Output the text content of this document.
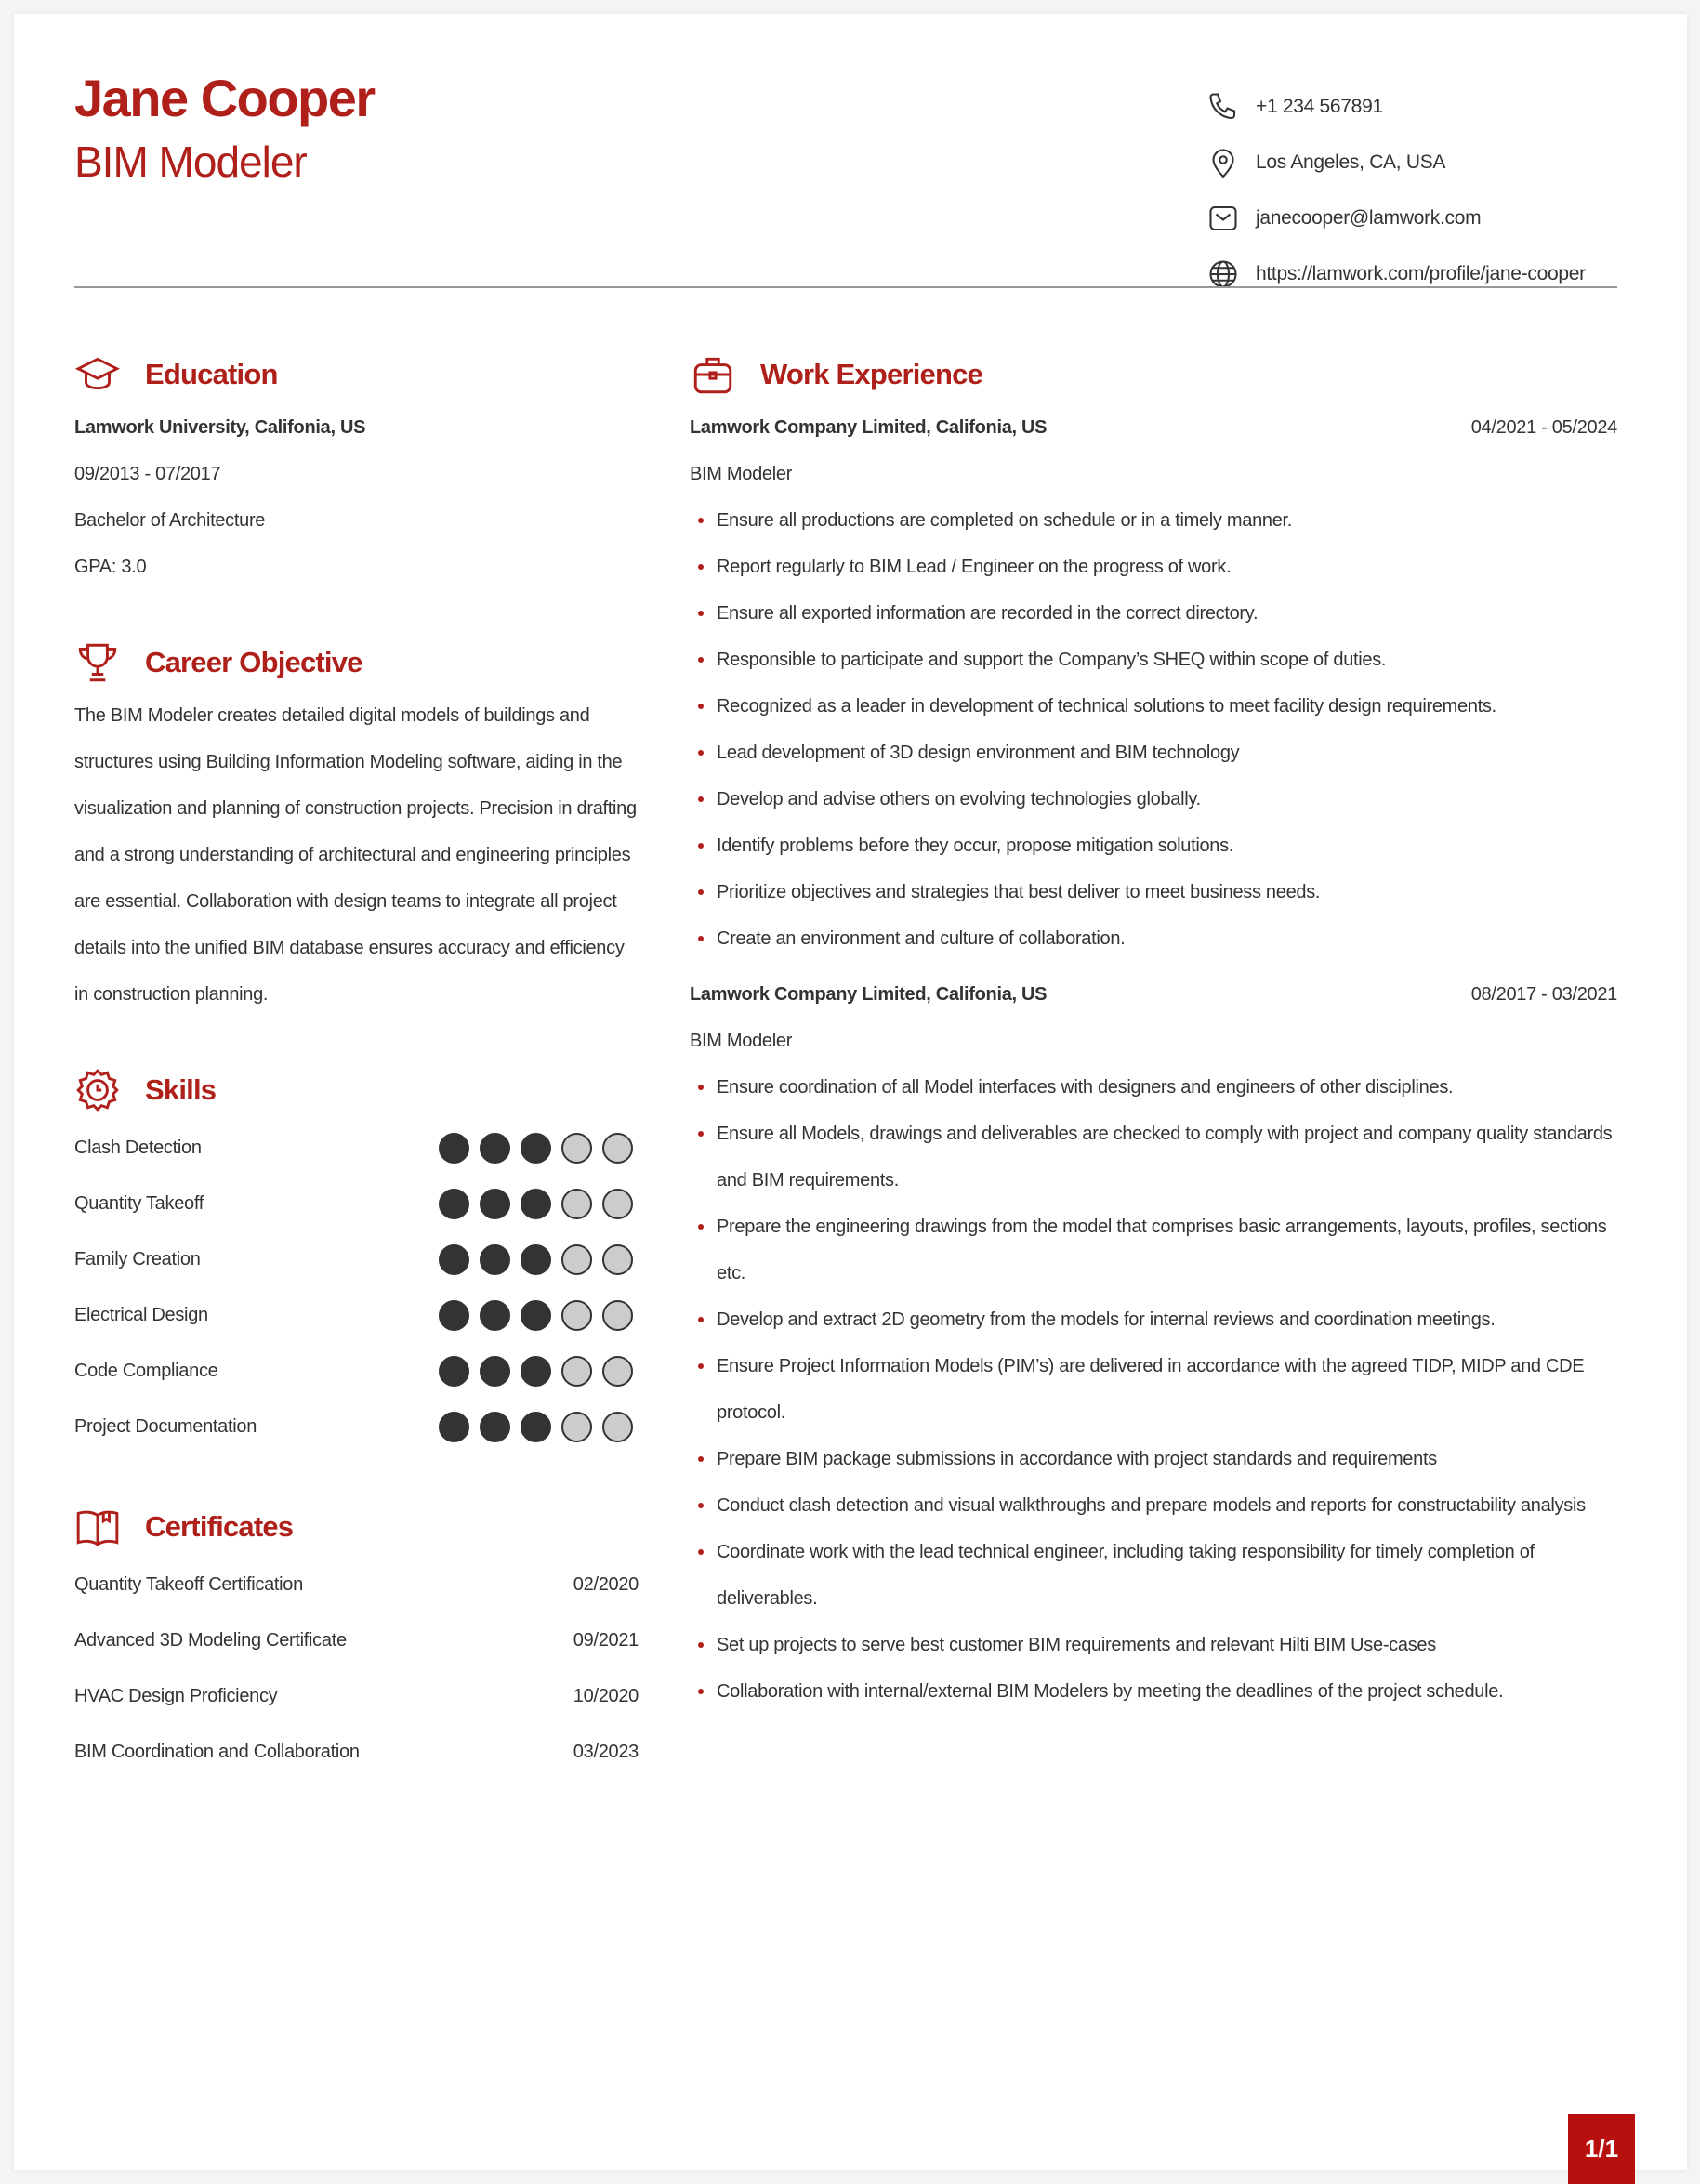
Jane Cooper
BIM Modeler
+1 234 567891
Los Angeles, CA, USA
janecooper@lamwork.com
https://lamwork.com/profile/jane-cooper
Education
Lamwork University, Califonia, US
09/2013 - 07/2017
Bachelor of Architecture
GPA: 3.0
Career Objective
The BIM Modeler creates detailed digital models of buildings and structures using Building Information Modeling software, aiding in the visualization and planning of construction projects. Precision in drafting and a strong understanding of architectural and engineering principles are essential. Collaboration with design teams to integrate all project details into the unified BIM database ensures accuracy and efficiency in construction planning.
Skills
Clash Detection
Quantity Takeoff
Family Creation
Electrical Design
Code Compliance
Project Documentation
Certificates
Quantity Takeoff Certification	02/2020
Advanced 3D Modeling Certificate	09/2021
HVAC Design Proficiency	10/2020
BIM Coordination and Collaboration	03/2023
Work Experience
Lamwork Company Limited, Califonia, US	04/2021 - 05/2024
BIM Modeler
Ensure all productions are completed on schedule or in a timely manner.
Report regularly to BIM Lead / Engineer on the progress of work.
Ensure all exported information are recorded in the correct directory.
Responsible to participate and support the Company’s SHEQ within scope of duties.
Recognized as a leader in development of technical solutions to meet facility design requirements.
Lead development of 3D design environment and BIM technology
Develop and advise others on evolving technologies globally.
Identify problems before they occur, propose mitigation solutions.
Prioritize objectives and strategies that best deliver to meet business needs.
Create an environment and culture of collaboration.
Lamwork Company Limited, Califonia, US	08/2017 - 03/2021
BIM Modeler
Ensure coordination of all Model interfaces with designers and engineers of other disciplines.
Ensure all Models, drawings and deliverables are checked to comply with project and company quality standards and BIM requirements.
Prepare the engineering drawings from the model that comprises basic arrangements, layouts, profiles, sections etc.
Develop and extract 2D geometry from the models for internal reviews and coordination meetings.
Ensure Project Information Models (PIM’s) are delivered in accordance with the agreed TIDP, MIDP and CDE protocol.
Prepare BIM package submissions in accordance with project standards and requirements
Conduct clash detection and visual walkthroughs and prepare models and reports for constructability analysis
Coordinate work with the lead technical engineer, including taking responsibility for timely completion of deliverables.
Set up projects to serve best customer BIM requirements and relevant Hilti BIM Use-cases
Collaboration with internal/external BIM Modelers by meeting the deadlines of the project schedule.
1/1
